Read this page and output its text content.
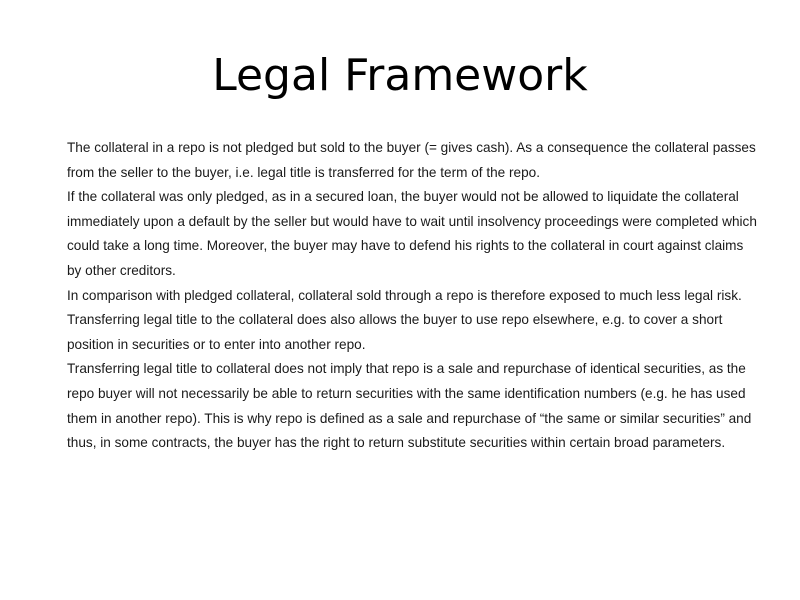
Legal Framework

The collateral in a repo is not pledged but sold to the buyer (= gives cash). As a consequence the collateral passes from the seller to the buyer, i.e. legal title is transferred for the term of the repo.

If the collateral was only pledged, as in a secured loan, the buyer would not be allowed to liquidate the collateral immediately upon a default by the seller but would have to wait until insolvency proceedings were completed which could take a long time. Moreover, the buyer may have to defend his rights to the collateral in court against claims by other creditors.

In comparison with pledged collateral, collateral sold through a repo is therefore exposed to much less legal risk.

Transferring legal title to the collateral does also allows the buyer to use repo elsewhere, e.g. to cover a short position in securities or to enter into another repo.

Transferring legal title to collateral does not imply that repo is a sale and repurchase of identical securities, as the repo buyer will not necessarily be able to return securities with the same identification numbers (e.g. he has used them in another repo). This is why repo is defined as a sale and repurchase of “the same or similar securities” and thus, in some contracts, the buyer has the right to return substitute securities within certain broad parameters.
